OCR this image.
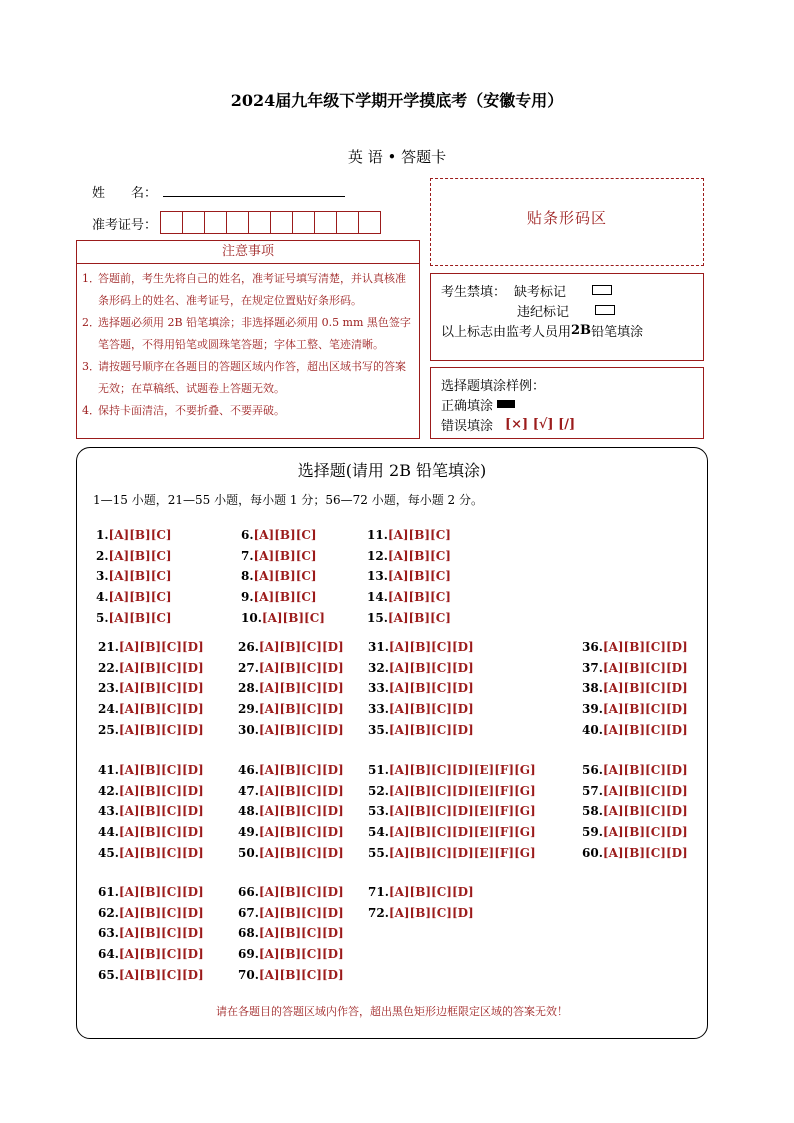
2024届九年级下学期开学摸底考（安徽专用）
英 语 • 答题卡
姓　　名：
准考证号：	贴条形码区
注意事项
1．
答题前，考生先将自己的姓名，准考证号填写清楚，并认真核准条形码上的姓名、准考证号，在规定位置贴好条形码。
2．
选择题必须用 2B 铅笔填涂；非选择题必须用 0.5 mm 黑色签字笔答题，不得用铅笔或圆珠笔答题；字体工整、笔迹清晰。
3．
请按题号顺序在各题目的答题区域内作答，超出区域书写的答案无效；在草稿纸、试题卷上答题无效。
4．
保持卡面清洁，不要折叠、不要弄破。
考生禁填： 缺考标记
违纪标记
以上标志由监考人员用 2B 铅笔填涂
选择题填涂样例：
正确填涂
错误填涂 [×] [√] [/]
选择题(请用 2B 铅笔填涂)
1—15 小题，21—55 小题，每小题 1 分；56—72 小题，每小题 2 分。
1.[A][B][C]
2.[A][B][C]
3.[A][B][C]
4.[A][B][C]
5.[A][B][C]
6.[A][B][C]
7.[A][B][C]
8.[A][B][C]
9.[A][B][C]
10.[A][B][C]
11.[A][B][C]
12.[A][B][C]
13.[A][B][C]
14.[A][B][C]
15.[A][B][C]
21.[A][B][C][D]
22.[A][B][C][D]
23.[A][B][C][D]
24.[A][B][C][D]
25.[A][B][C][D]
26.[A][B][C][D]
27.[A][B][C][D]
28.[A][B][C][D]
29.[A][B][C][D]
30.[A][B][C][D]
31.[A][B][C][D]
32.[A][B][C][D]
33.[A][B][C][D]
33.[A][B][C][D]
35.[A][B][C][D]
36.[A][B][C][D]
37.[A][B][C][D]
38.[A][B][C][D]
39.[A][B][C][D]
40.[A][B][C][D]
41.[A][B][C][D]
42.[A][B][C][D]
43.[A][B][C][D]
44.[A][B][C][D]
45.[A][B][C][D]
46.[A][B][C][D]
47.[A][B][C][D]
48.[A][B][C][D]
49.[A][B][C][D]
50.[A][B][C][D]
51.[A][B][C][D][E][F][G]
52.[A][B][C][D][E][F][G]
53.[A][B][C][D][E][F][G]
54.[A][B][C][D][E][F][G]
55.[A][B][C][D][E][F][G]
56.[A][B][C][D]
57.[A][B][C][D]
58.[A][B][C][D]
59.[A][B][C][D]
60.[A][B][C][D]
61.[A][B][C][D]
62.[A][B][C][D]
63.[A][B][C][D]
64.[A][B][C][D]
65.[A][B][C][D]
66.[A][B][C][D]
67.[A][B][C][D]
68.[A][B][C][D]
69.[A][B][C][D]
70.[A][B][C][D]
71.[A][B][C][D]
72.[A][B][C][D]
请在各题目的答题区域内作答，超出黑色矩形边框限定区域的答案无效！
